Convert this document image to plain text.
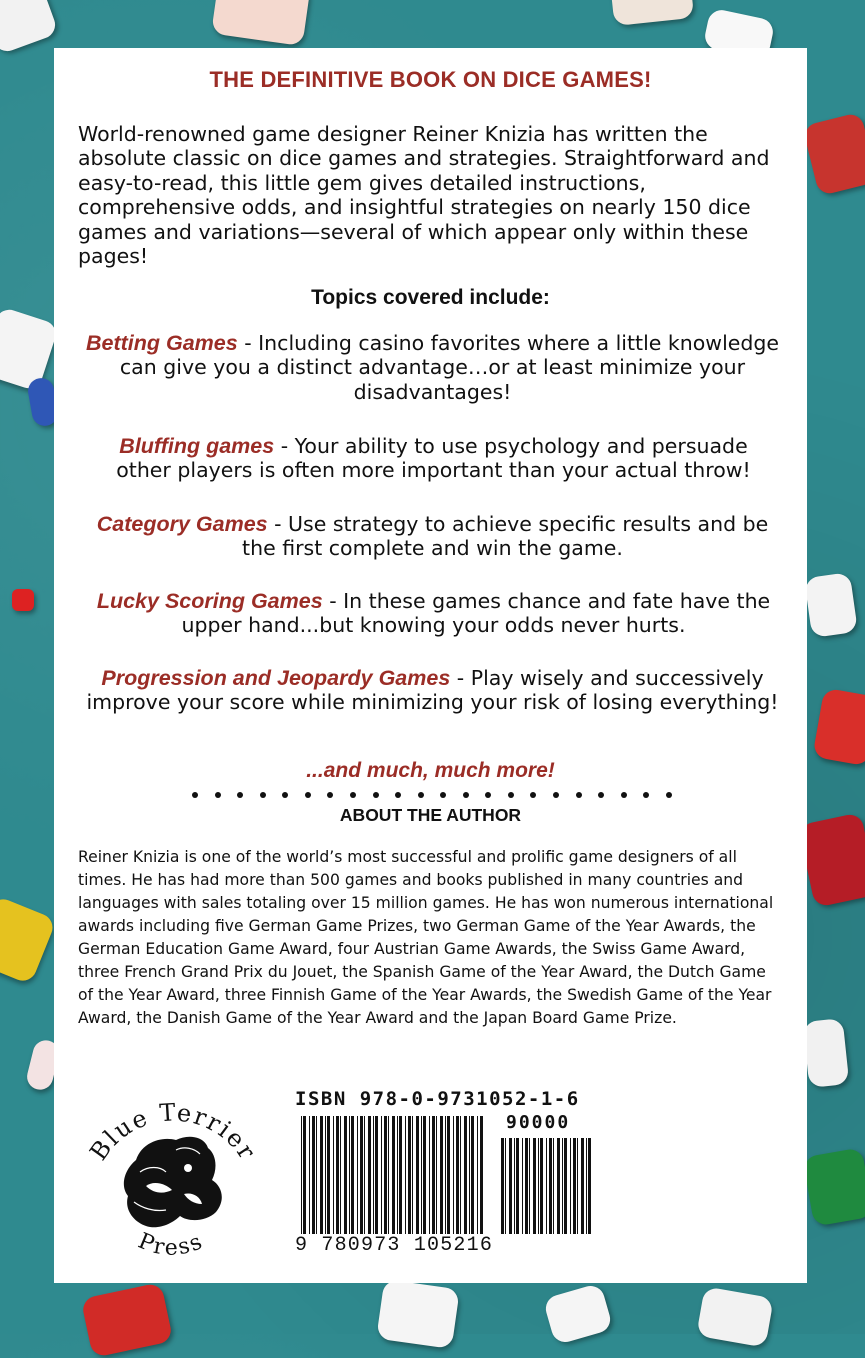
THE DEFINITIVE BOOK ON DICE GAMES!
World-renowned game designer Reiner Knizia has written the absolute classic on dice games and strategies. Straightforward and easy-to-read, this little gem gives detailed instructions, comprehensive odds, and insightful strategies on nearly 150 dice games and variations—several of which appear only within these pages!
Topics covered include:
Betting Games - Including casino favorites where a little knowledge can give you a distinct advantage…or at least minimize your disadvantages!
Bluffing games - Your ability to use psychology and persuade other players is often more important than your actual throw!
Category Games - Use strategy to achieve specific results and be the first complete and win the game.
Lucky Scoring Games - In these games chance and fate have the upper hand...but knowing your odds never hurts.
Progression and Jeopardy Games - Play wisely and successively improve your score while minimizing your risk of losing everything!
...and much, much more!
ABOUT THE AUTHOR
Reiner Knizia is one of the world’s most successful and prolific game designers of all times. He has had more than 500 games and books published in many countries and languages with sales totaling over 15 million games. He has won numerous international awards including five German Game Prizes, two German Game of the Year Awards, the German Education Game Award, four Austrian Game Awards, the Swiss Game Award, three French Grand Prix du Jouet, the Spanish Game of the Year Award, the Dutch Game of the Year Award, three Finnish Game of the Year Awards, the Swedish Game of the Year Award, the Danish Game of the Year Award and the Japan Board Game Prize.
Blue Terrier
Press
ISBN 978-0-9731052-1-6
90000
9 780973 105216
